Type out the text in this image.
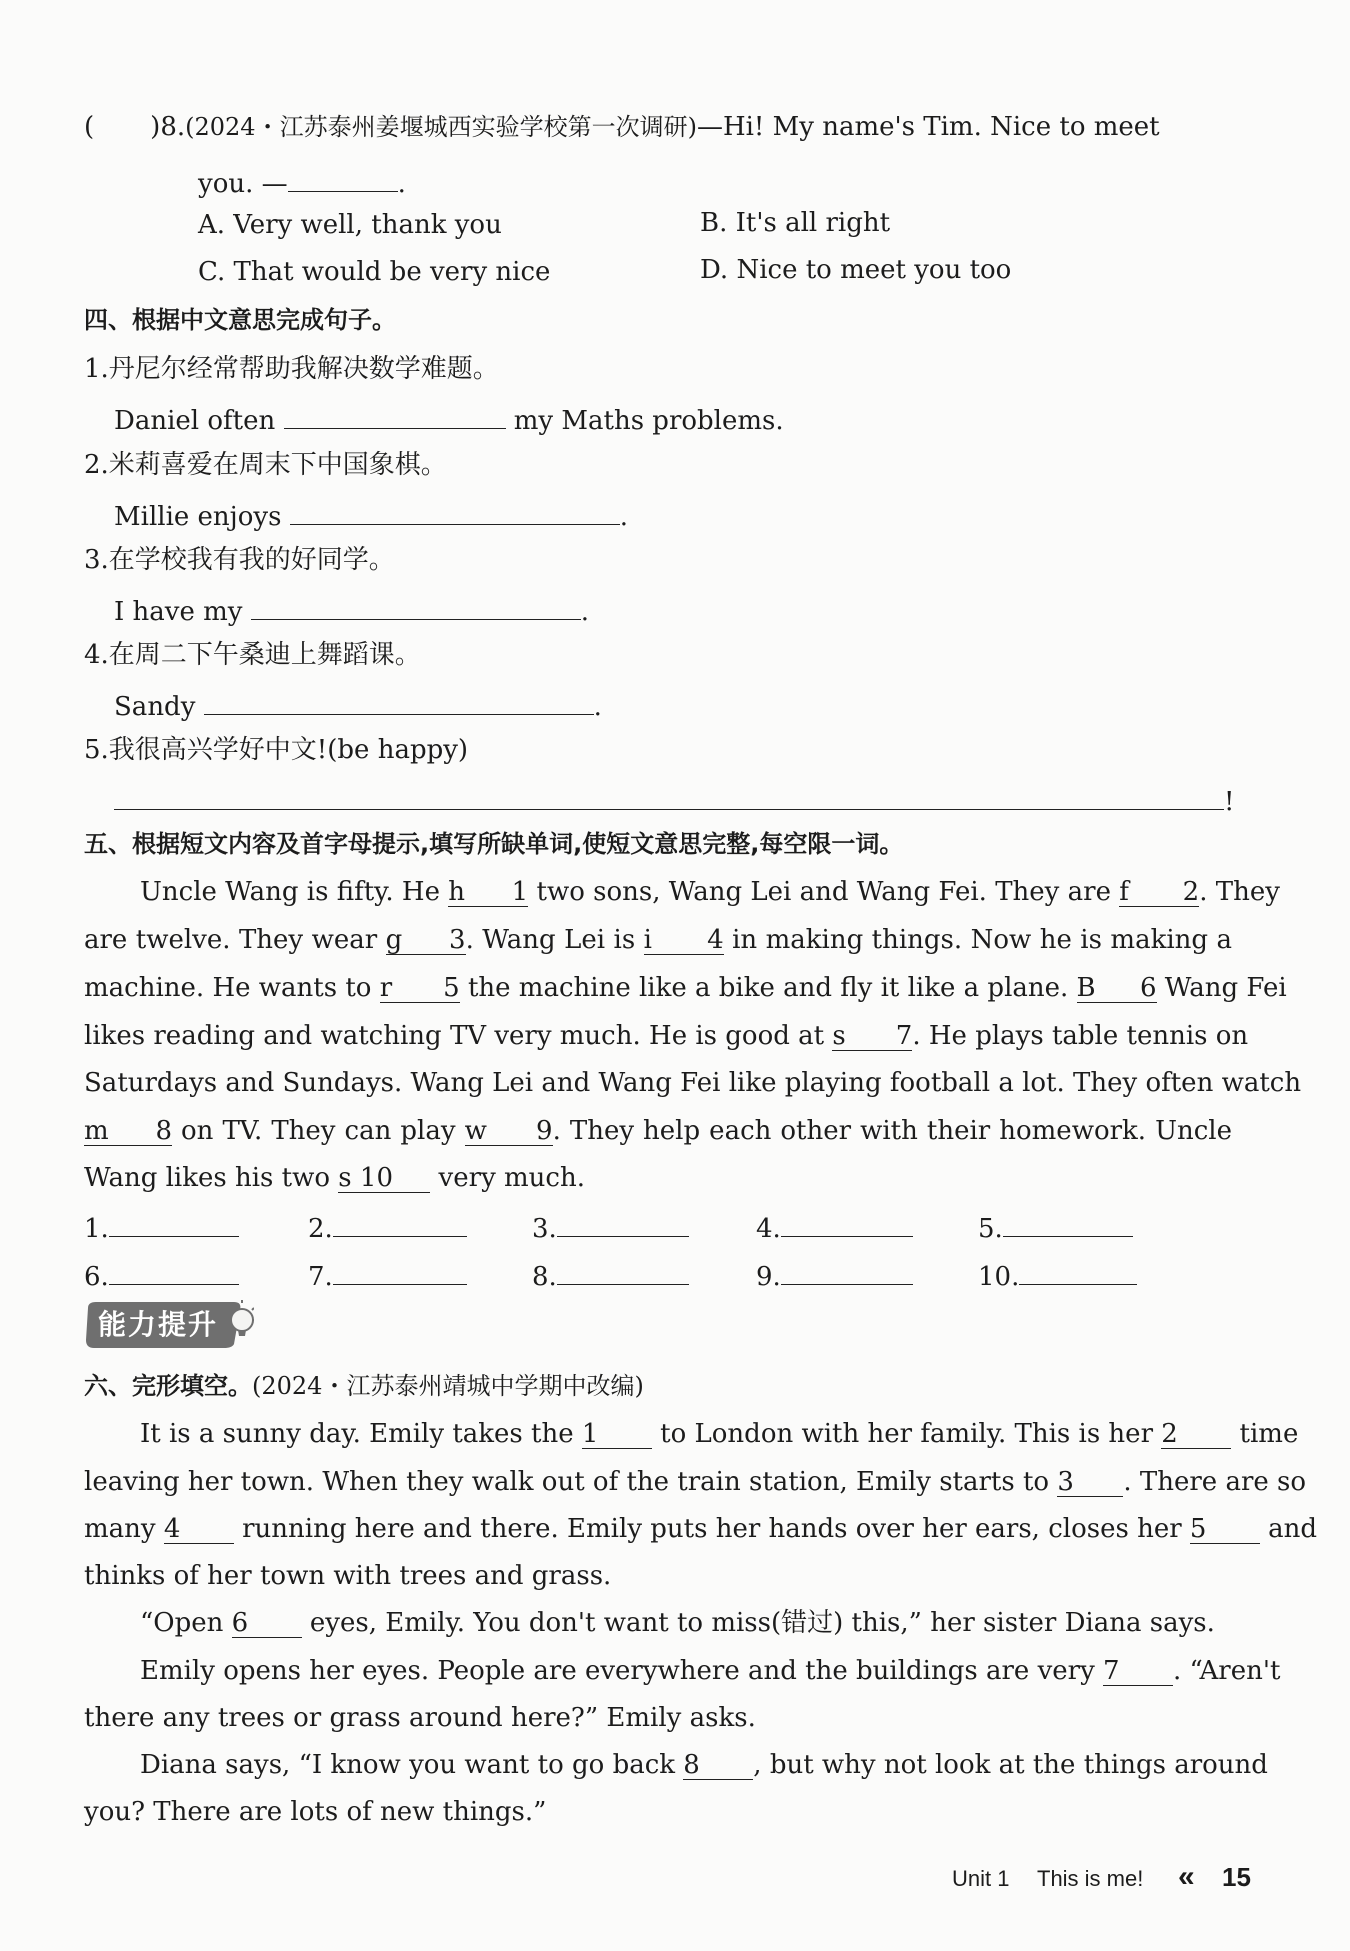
( )8.(2024・江苏泰州姜堰城西实验学校第一次调研)—Hi! My name's Tim. Nice to meet
you. —	.
A. Very well, thank you	B. It's all right
C. That would be very nice	D. Nice to meet you too
四、根据中文意思完成句子。
1.丹尼尔经常帮助我解决数学难题。
Daniel often	my Maths problems.
2.米莉喜爱在周末下中国象棋。
Millie enjoys	.
3.在学校我有我的好同学。
I have my	.
4.在周二下午桑迪上舞蹈课。
Sandy	.
5.我很高兴学好中文!(be happy)
!
五、根据短文内容及首字母提示,填写所缺单词,使短文意思完整,每空限一词。
Uncle Wang is fifty. He h 1 two sons, Wang Lei and Wang Fei. They are f 2. They
are twelve. They wear g 3. Wang Lei is i 4 in making things. Now he is making a
machine. He wants to r 5 the machine like a bike and fly it like a plane. B 6 Wang Fei
likes reading and watching TV very much. He is good at s 7. He plays table tennis on
Saturdays and Sundays. Wang Lei and Wang Fei like playing football a lot. They often watch
m 8 on TV. They can play w 9. They help each other with their homework. Uncle
Wang likes his two s 10 very much.
1.	2.	3.	4.	5.
6.	7.	8.	9.	10.
能力提升
六、完形填空。(2024・江苏泰州靖城中学期中改编)
It is a sunny day. Emily takes the 1 to London with her family. This is her 2 time
leaving her town. When they walk out of the train station, Emily starts to 3 . There are so
many 4 running here and there. Emily puts her hands over her ears, closes her 5 and
thinks of her town with trees and grass.
“Open 6 eyes, Emily. You don't want to miss(错过) this,” her sister Diana says.
Emily opens her eyes. People are everywhere and the buildings are very 7 . “Aren't
there any trees or grass around here?” Emily asks.
Diana says, “I know you want to go back 8 , but why not look at the things around
you? There are lots of new things.”
Unit 1 This is me! « 15
